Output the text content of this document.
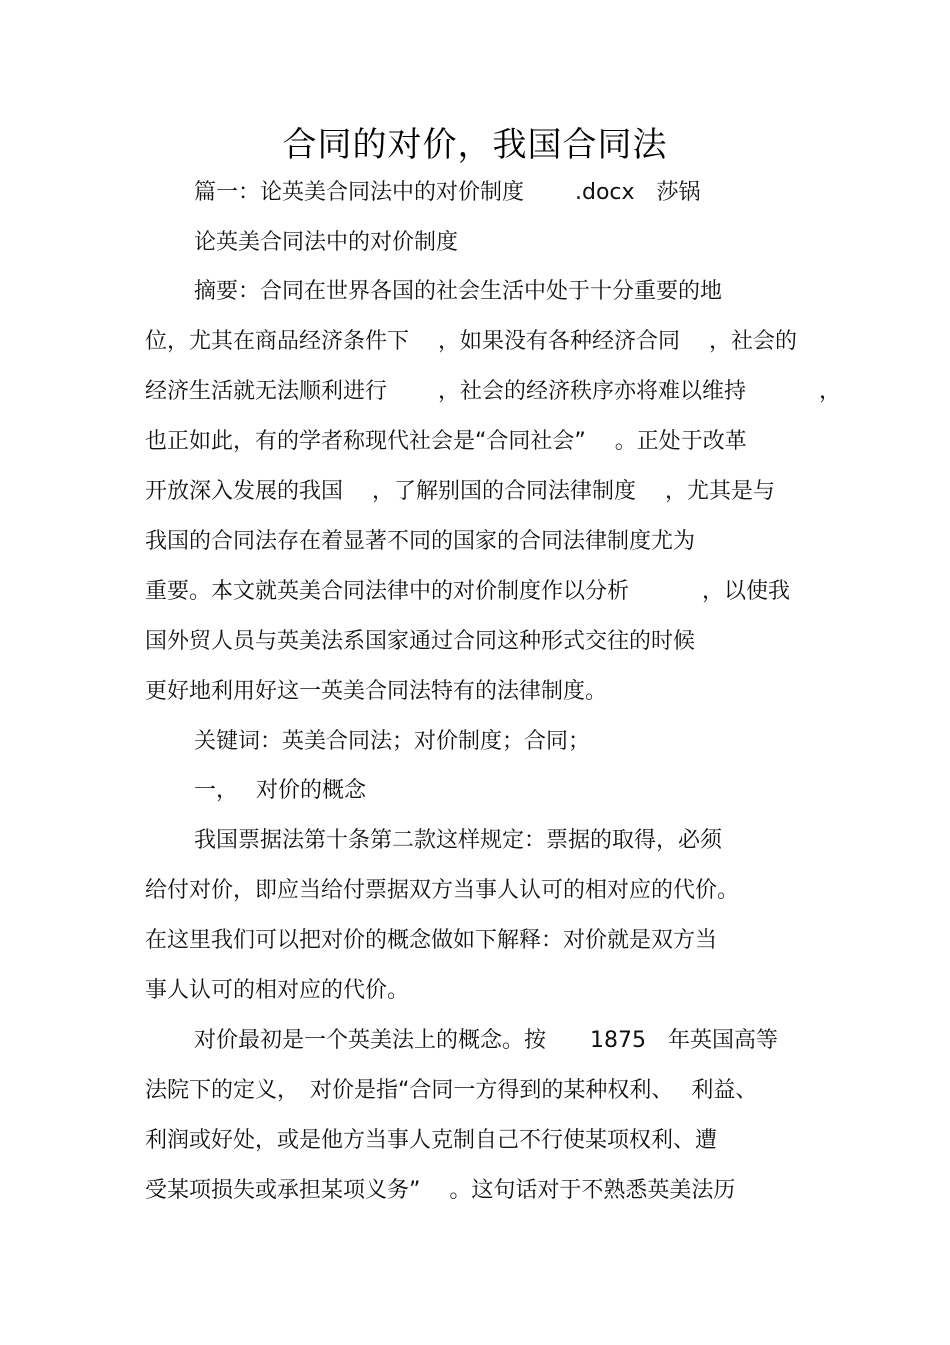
合同的对价，我国合同法
篇一：论英美合同法中的对价制度　　 .docx　莎锅
论英美合同法中的对价制度
摘要：合同在世界各国的社会生活中处于十分重要的地
位，尤其在商品经济条件下　 ，如果没有各种经济合同　 ，社会的
经济生活就无法顺利进行　　 ，社会的经济秩序亦将难以维持　　　 ，
也正如此，有的学者称现代社会是“合同社会”　 。正处于改革
开放深入发展的我国　 ，了解别国的合同法律制度　 ，尤其是与
我国的合同法存在着显著不同的国家的合同法律制度尤为
重要。本文就英美合同法律中的对价制度作以分析　　　 ，以使我
国外贸人员与英美法系国家通过合同这种形式交往的时候
更好地利用好这一英美合同法特有的法律制度。
关键词：英美合同法；对价制度；合同；
一，　 对价的概念
我国票据法第十条第二款这样规定：票据的取得，必须
给付对价，即应当给付票据双方当事人认可的相对应的代价。
在这里我们可以把对价的概念做如下解释：对价就是双方当
事人认可的相对应的代价。
对价最初是一个英美法上的概念。按　　1875　年英国高等
法院下的定义，　对价是指“合同一方得到的某种权利、　 利益、
利润或好处，或是他方当事人克制自己不行使某项权利、遭
受某项损失或承担某项义务”　 。这句话对于不熟悉英美法历
